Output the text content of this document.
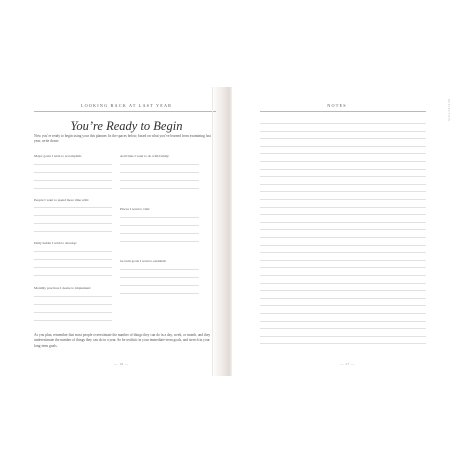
LOOKING BACK AT LAST YEAR
You’re Ready to Begin
Now you’re ready to begin using your this planner. In the spaces below, based on what you’ve learned from examining last year, write down:
Major goals I wish to accomplish:
People I want to spend more time with:
Daily habits I wish to develop:
Monthly practices I desire to implement:
Activities I want to do with family:
Places I want to visit:
Growth goals I want to establish:
As you plan, remember that most people overestimate the number of things they can do in a day, week, or month, and they underestimate the number of things they can do in a year. So be realistic in your immediate-term goals, and stretch in your long-term goals.
— 16 —
NOTES
— 17 —
REFLECTION
